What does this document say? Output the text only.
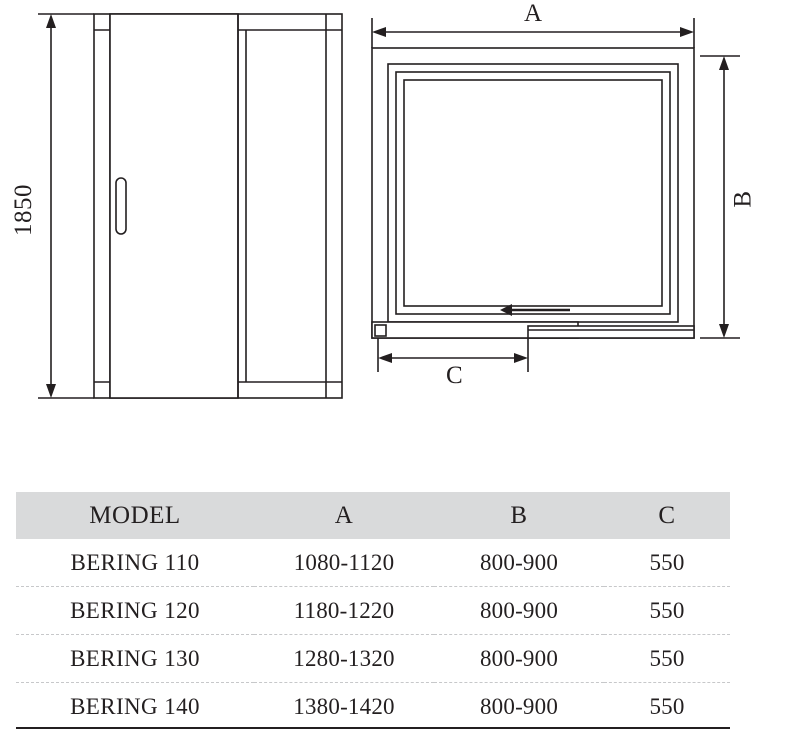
1850
A
B
C
MODEL	A	B	C
BERING 110	1080-1120	800-900	550
BERING 120	1180-1220	800-900	550
BERING 130	1280-1320	800-900	550
BERING 140	1380-1420	800-900	550
